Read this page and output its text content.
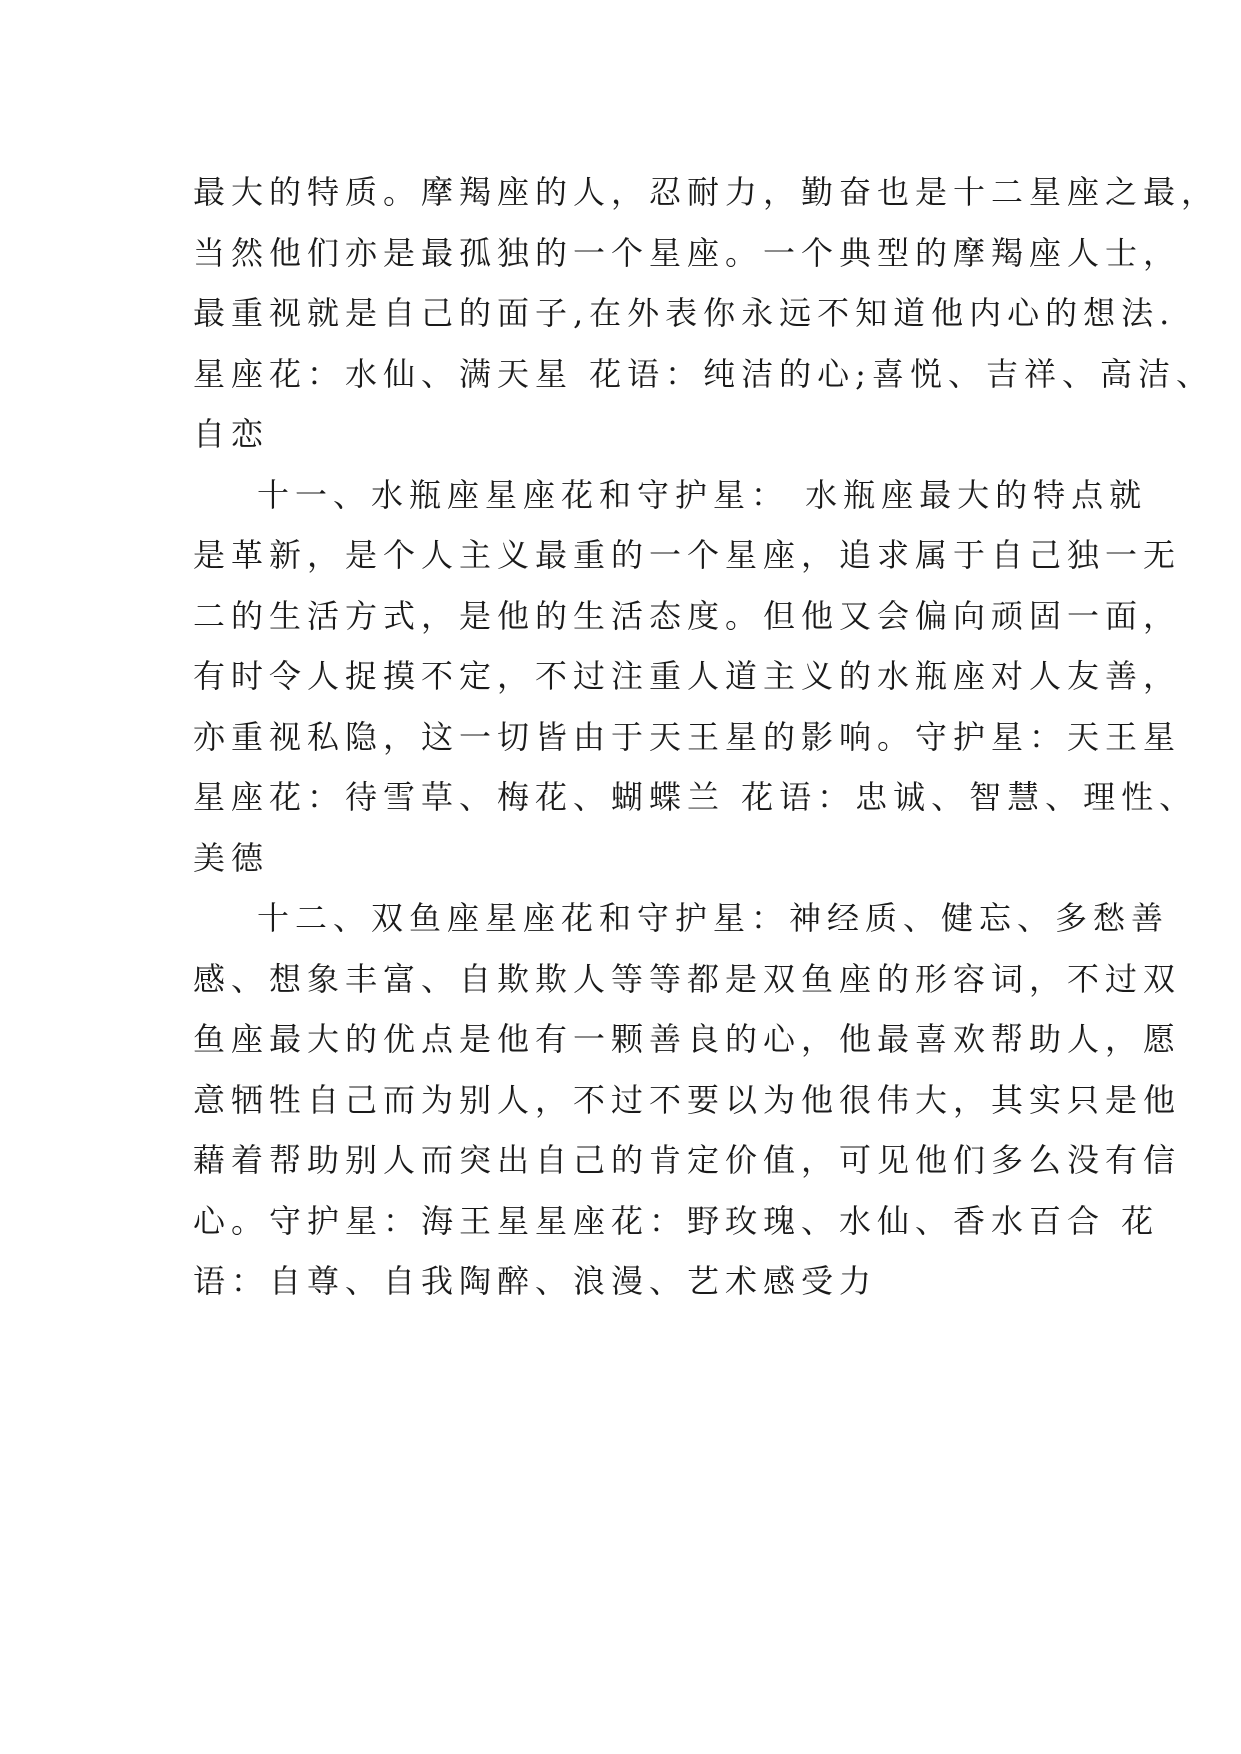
最大的特质。摩羯座的人，忍耐力，勤奋也是十二星座之最，
当然他们亦是最孤独的一个星座。一个典型的摩羯座人士，
最重视就是自己的面子,在外表你永远不知道他内心的想法.
星座花：水仙、满天星 花语：纯洁的心;喜悦、吉祥、高洁、
自恋
十一、水瓶座星座花和守护星： 水瓶座最大的特点就
是革新，是个人主义最重的一个星座，追求属于自己独一无
二的生活方式，是他的生活态度。但他又会偏向顽固一面，
有时令人捉摸不定，不过注重人道主义的水瓶座对人友善，
亦重视私隐，这一切皆由于天王星的影响。守护星：天王星
星座花：待雪草、梅花、蝴蝶兰 花语：忠诚、智慧、理性、
美德
十二、双鱼座星座花和守护星：神经质、健忘、多愁善
感、想象丰富、自欺欺人等等都是双鱼座的形容词，不过双
鱼座最大的优点是他有一颗善良的心，他最喜欢帮助人，愿
意牺牲自己而为别人，不过不要以为他很伟大，其实只是他
藉着帮助别人而突出自己的肯定价值，可见他们多么没有信
心。守护星：海王星星座花：野玫瑰、水仙、香水百合 花
语：自尊、自我陶醉、浪漫、艺术感受力
